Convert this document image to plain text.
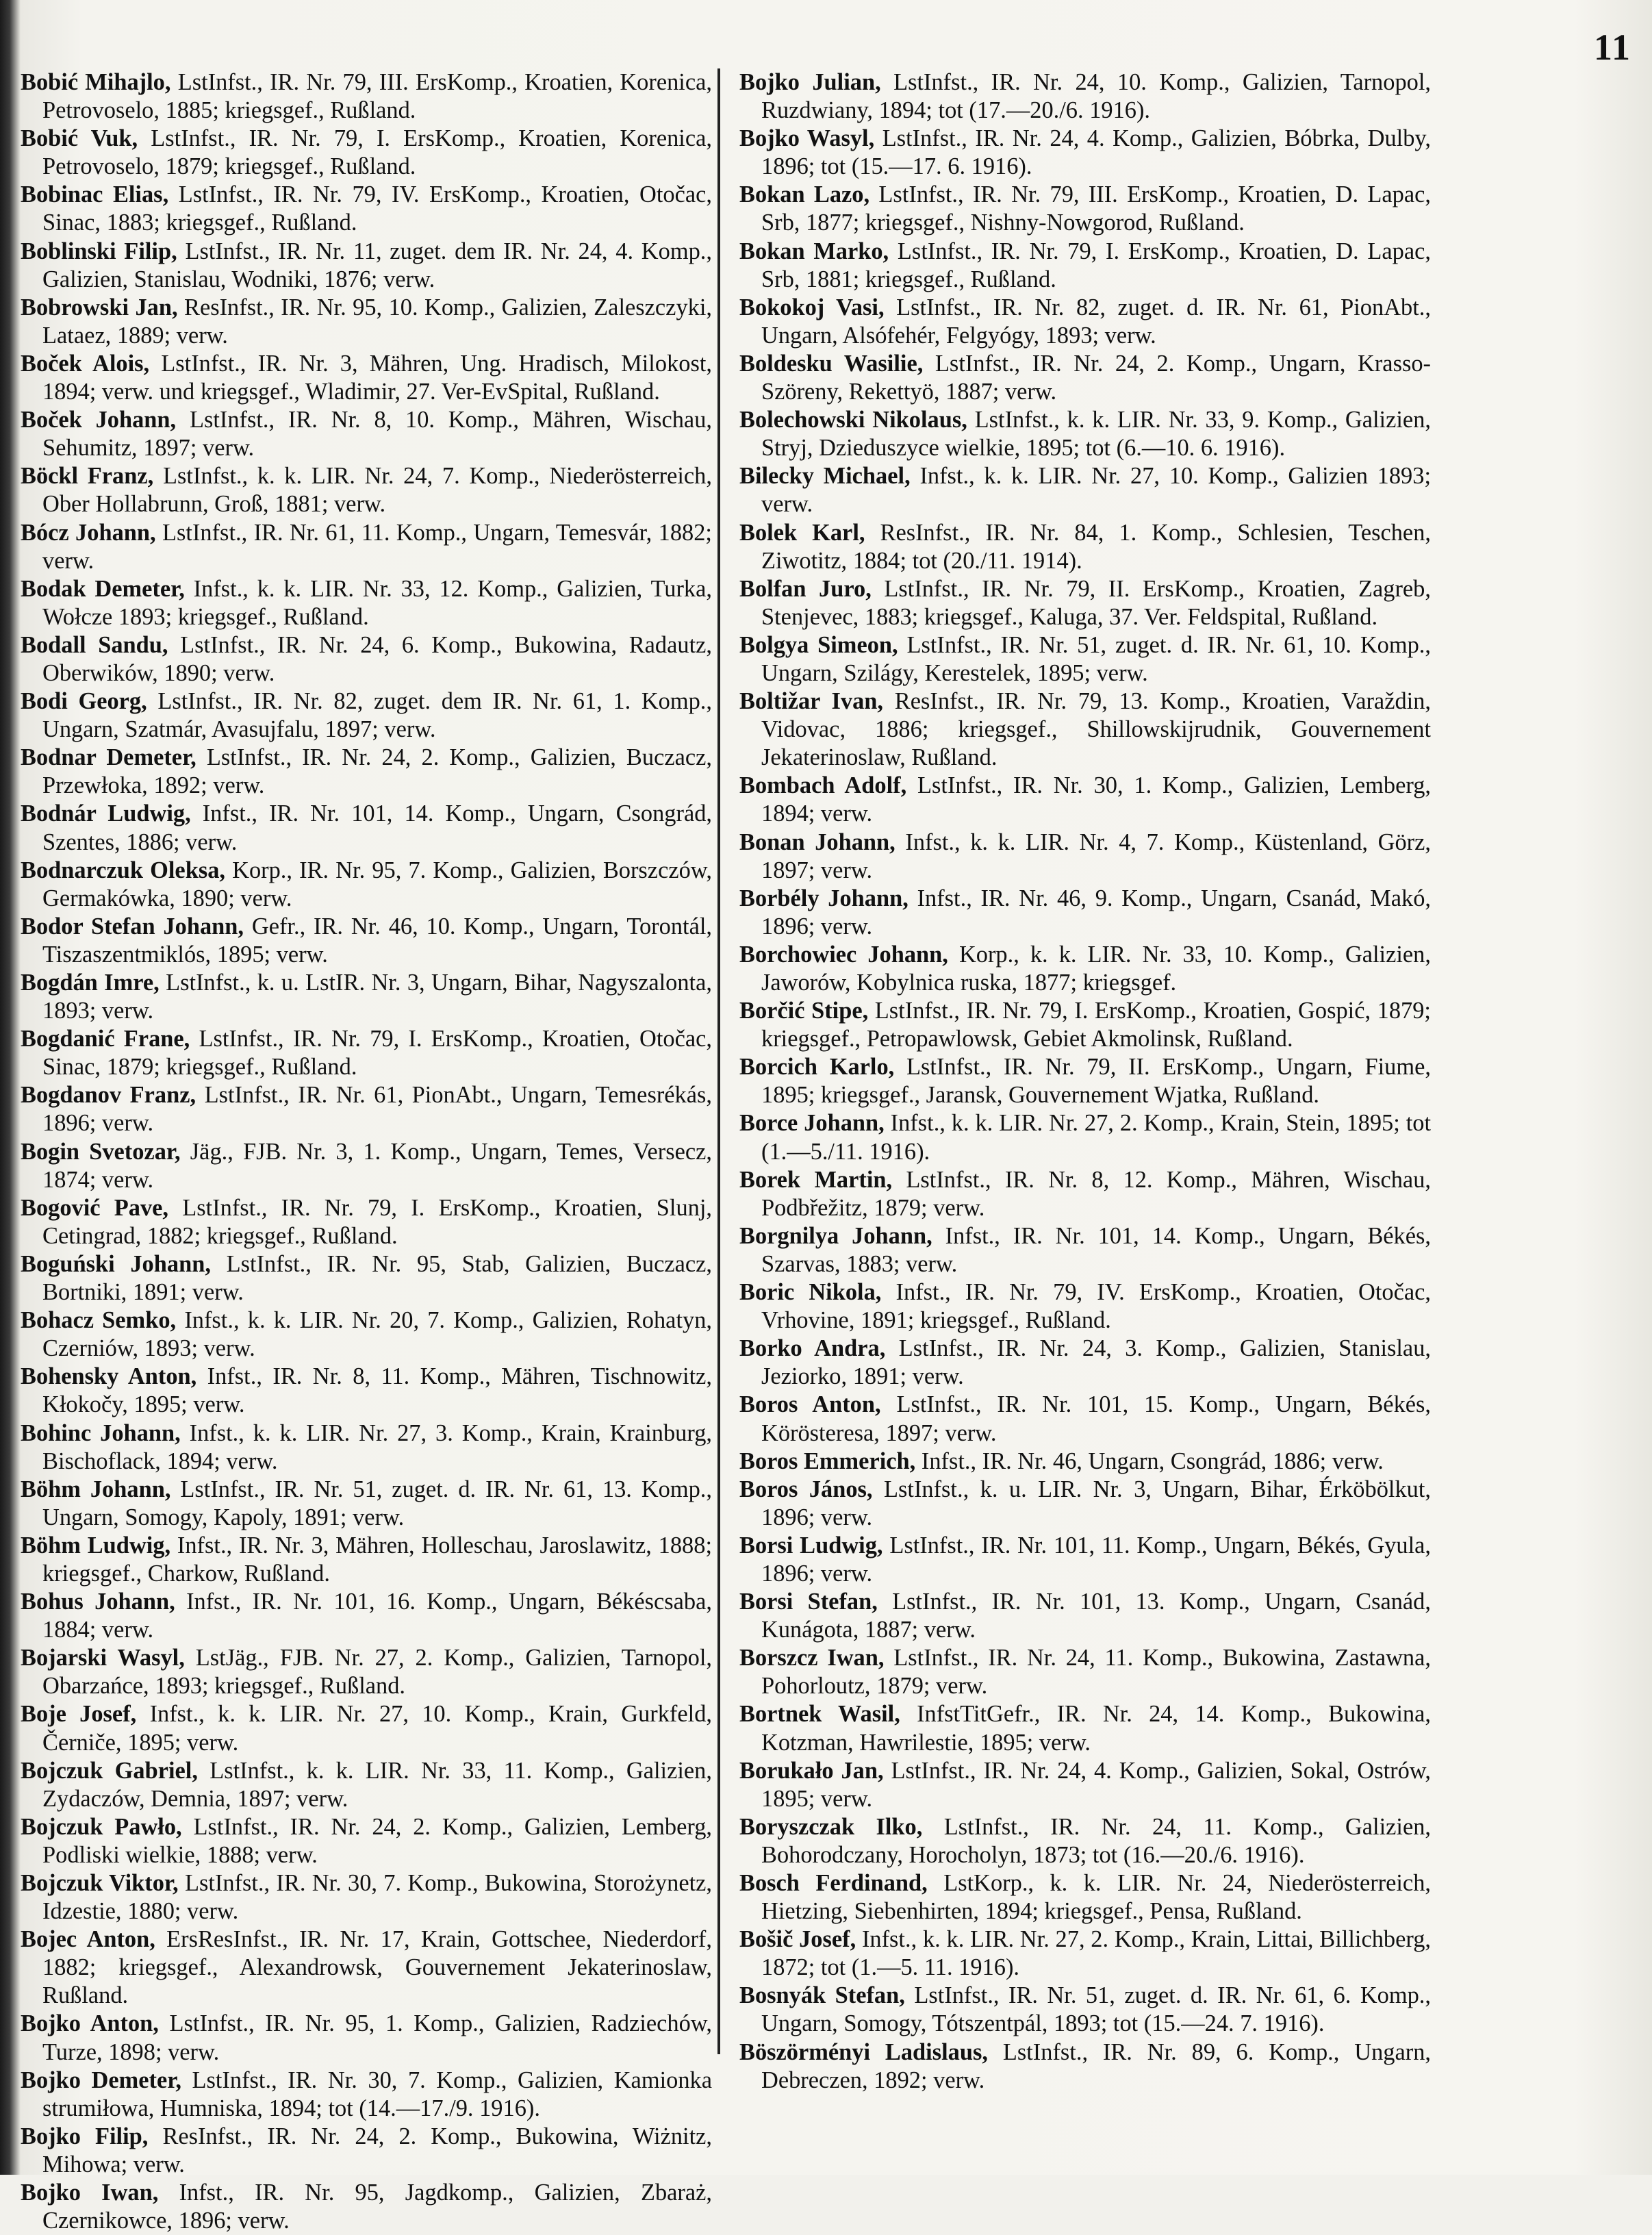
11

Bobić Mihajlo, LstInfst., IR. Nr. 79, III. ErsKomp., Kroatien, Korenica, Petrovoselo, 1885; kriegsgef., Rußland.

Bobić Vuk, LstInfst., IR. Nr. 79, I. ErsKomp., Kroatien, Korenica, Petrovoselo, 1879; kriegsgef., Rußland.

Bobinac Elias, LstInfst., IR. Nr. 79, IV. ErsKomp., Kroatien, Otočac, Sinac, 1883; kriegsgef., Rußland.

Boblinski Filip, LstInfst., IR. Nr. 11, zuget. dem IR. Nr. 24, 4. Komp., Galizien, Stanislau, Wodniki, 1876; verw.

Bobrowski Jan, ResInfst., IR. Nr. 95, 10. Komp., Galizien, Zaleszczyki, Lataez, 1889; verw.

Boček Alois, LstInfst., IR. Nr. 3, Mähren, Ung. Hradisch, Milokost, 1894; verw. und kriegsgef., Wladimir, 27. Ver-EvSpital, Rußland.

Boček Johann, LstInfst., IR. Nr. 8, 10. Komp., Mähren, Wischau, Sehumitz, 1897; verw.

Böckl Franz, LstInfst., k. k. LIR. Nr. 24, 7. Komp., Niederösterreich, Ober Hollabrunn, Groß, 1881; verw.

Bócz Johann, LstInfst., IR. Nr. 61, 11. Komp., Ungarn, Temesvár, 1882; verw.

Bodak Demeter, Infst., k. k. LIR. Nr. 33, 12. Komp., Galizien, Turka, Wołcze 1893; kriegsgef., Rußland.

Bodall Sandu, LstInfst., IR. Nr. 24, 6. Komp., Bukowina, Radautz, Oberwików, 1890; verw.

Bodi Georg, LstInfst., IR. Nr. 82, zuget. dem IR. Nr. 61, 1. Komp., Ungarn, Szatmár, Avasujfalu, 1897; verw.

Bodnar Demeter, LstInfst., IR. Nr. 24, 2. Komp., Galizien, Buczacz, Przewłoka, 1892; verw.

Bodnár Ludwig, Infst., IR. Nr. 101, 14. Komp., Ungarn, Csongrád, Szentes, 1886; verw.

Bodnarczuk Oleksa, Korp., IR. Nr. 95, 7. Komp., Galizien, Borszczów, Germakówka, 1890; verw.

Bodor Stefan Johann, Gefr., IR. Nr. 46, 10. Komp., Ungarn, Torontál, Tiszaszentmiklós, 1895; verw.

Bogdán Imre, LstInfst., k. u. LstIR. Nr. 3, Ungarn, Bihar, Nagyszalonta, 1893; verw.

Bogdanić Frane, LstInfst., IR. Nr. 79, I. ErsKomp., Kroatien, Otočac, Sinac, 1879; kriegsgef., Rußland.

Bogdanov Franz, LstInfst., IR. Nr. 61, PionAbt., Ungarn, Temesrékás, 1896; verw.

Bogin Svetozar, Jäg., FJB. Nr. 3, 1. Komp., Ungarn, Temes, Versecz, 1874; verw.

Bogović Pave, LstInfst., IR. Nr. 79, I. ErsKomp., Kroatien, Slunj, Cetingrad, 1882; kriegsgef., Rußland.

Boguński Johann, LstInfst., IR. Nr. 95, Stab, Galizien, Buczacz, Bortniki, 1891; verw.

Bohacz Semko, Infst., k. k. LIR. Nr. 20, 7. Komp., Galizien, Rohatyn, Czerniów, 1893; verw.

Bohensky Anton, Infst., IR. Nr. 8, 11. Komp., Mähren, Tischnowitz, Kłokočy, 1895; verw.

Bohinc Johann, Infst., k. k. LIR. Nr. 27, 3. Komp., Krain, Krainburg, Bischoflack, 1894; verw.

Böhm Johann, LstInfst., IR. Nr. 51, zuget. d. IR. Nr. 61, 13. Komp., Ungarn, Somogy, Kapoly, 1891; verw.

Böhm Ludwig, Infst., IR. Nr. 3, Mähren, Holleschau, Jaroslawitz, 1888; kriegsgef., Charkow, Rußland.

Bohus Johann, Infst., IR. Nr. 101, 16. Komp., Ungarn, Békéscsaba, 1884; verw.

Bojarski Wasyl, LstJäg., FJB. Nr. 27, 2. Komp., Galizien, Tarnopol, Obarzańce, 1893; kriegsgef., Rußland.

Boje Josef, Infst., k. k. LIR. Nr. 27, 10. Komp., Krain, Gurkfeld, Černiče, 1895; verw.

Bojczuk Gabriel, LstInfst., k. k. LIR. Nr. 33, 11. Komp., Galizien, Zydaczów, Demnia, 1897; verw.

Bojczuk Pawło, LstInfst., IR. Nr. 24, 2. Komp., Galizien, Lemberg, Podliski wielkie, 1888; verw.

Bojczuk Viktor, LstInfst., IR. Nr. 30, 7. Komp., Bukowina, Storożynetz, Idzestie, 1880; verw.

Bojec Anton, ErsResInfst., IR. Nr. 17, Krain, Gottschee, Niederdorf, 1882; kriegsgef., Alexandrowsk, Gouvernement Jekaterinoslaw, Rußland.

Bojko Anton, LstInfst., IR. Nr. 95, 1. Komp., Galizien, Radziechów, Turze, 1898; verw.

Bojko Demeter, LstInfst., IR. Nr. 30, 7. Komp., Galizien, Kamionka strumiłowa, Humniska, 1894; tot (14.—17./9. 1916).

Bojko Filip, ResInfst., IR. Nr. 24, 2. Komp., Bukowina, Wiżnitz, Mihowa; verw.

Bojko Iwan, Infst., IR. Nr. 95, Jagdkomp., Galizien, Zbaraż, Czernikowce, 1896; verw.

Bojko Julian, LstInfst., IR. Nr. 24, 10. Komp., Galizien, Tarnopol, Ruzdwiany, 1894; tot (17.—20./6. 1916).

Bojko Wasyl, LstInfst., IR. Nr. 24, 4. Komp., Galizien, Bóbrka, Dulby, 1896; tot (15.—17. 6. 1916).

Bokan Lazo, LstInfst., IR. Nr. 79, III. ErsKomp., Kroatien, D. Lapac, Srb, 1877; kriegsgef., Nishny-Nowgorod, Rußland.

Bokan Marko, LstInfst., IR. Nr. 79, I. ErsKomp., Kroatien, D. Lapac, Srb, 1881; kriegsgef., Rußland.

Bokokoj Vasi, LstInfst., IR. Nr. 82, zuget. d. IR. Nr. 61, PionAbt., Ungarn, Alsófehér, Felgyógy, 1893; verw.

Boldesku Wasilie, LstInfst., IR. Nr. 24, 2. Komp., Ungarn, Krasso-Szöreny, Rekettyö, 1887; verw.

Bolechowski Nikolaus, LstInfst., k. k. LIR. Nr. 33, 9. Komp., Galizien, Stryj, Dzieduszyce wielkie, 1895; tot (6.—10. 6. 1916).

Bilecky Michael, Infst., k. k. LIR. Nr. 27, 10. Komp., Galizien 1893; verw.

Bolek Karl, ResInfst., IR. Nr. 84, 1. Komp., Schlesien, Teschen, Ziwotitz, 1884; tot (20./11. 1914).

Bolfan Juro, LstInfst., IR. Nr. 79, II. ErsKomp., Kroatien, Zagreb, Stenjevec, 1883; kriegsgef., Kaluga, 37. Ver. Feldspital, Rußland.

Bolgya Simeon, LstInfst., IR. Nr. 51, zuget. d. IR. Nr. 61, 10. Komp., Ungarn, Szilágy, Kerestelek, 1895; verw.

Boltižar Ivan, ResInfst., IR. Nr. 79, 13. Komp., Kroatien, Varaždin, Vidovac, 1886; kriegsgef., Shillowskijrudnik, Gouvernement Jekaterinoslaw, Rußland.

Bombach Adolf, LstInfst., IR. Nr. 30, 1. Komp., Galizien, Lemberg, 1894; verw.

Bonan Johann, Infst., k. k. LIR. Nr. 4, 7. Komp., Küstenland, Görz, 1897; verw.

Borbély Johann, Infst., IR. Nr. 46, 9. Komp., Ungarn, Csanád, Makó, 1896; verw.

Borchowiec Johann, Korp., k. k. LIR. Nr. 33, 10. Komp., Galizien, Jaworów, Kobylnica ruska, 1877; kriegsgef.

Borčić Stipe, LstInfst., IR. Nr. 79, I. ErsKomp., Kroatien, Gospić, 1879; kriegsgef., Petropawlowsk, Gebiet Akmolinsk, Rußland.

Borcich Karlo, LstInfst., IR. Nr. 79, II. ErsKomp., Ungarn, Fiume, 1895; kriegsgef., Jaransk, Gouvernement Wjatka, Rußland.

Borce Johann, Infst., k. k. LIR. Nr. 27, 2. Komp., Krain, Stein, 1895; tot (1.—5./11. 1916).

Borek Martin, LstInfst., IR. Nr. 8, 12. Komp., Mähren, Wischau, Podbřežitz, 1879; verw.

Borgnilya Johann, Infst., IR. Nr. 101, 14. Komp., Ungarn, Békés, Szarvas, 1883; verw.

Boric Nikola, Infst., IR. Nr. 79, IV. ErsKomp., Kroatien, Otočac, Vrhovine, 1891; kriegsgef., Rußland.

Borko Andra, LstInfst., IR. Nr. 24, 3. Komp., Galizien, Stanislau, Jeziorko, 1891; verw.

Boros Anton, LstInfst., IR. Nr. 101, 15. Komp., Ungarn, Békés, Körösteresa, 1897; verw.

Boros Emmerich, Infst., IR. Nr. 46, Ungarn, Csongrád, 1886; verw.

Boros János, LstInfst., k. u. LIR. Nr. 3, Ungarn, Bihar, Érköbölkut, 1896; verw.

Borsi Ludwig, LstInfst., IR. Nr. 101, 11. Komp., Ungarn, Békés, Gyula, 1896; verw.

Borsi Stefan, LstInfst., IR. Nr. 101, 13. Komp., Ungarn, Csanád, Kunágota, 1887; verw.

Borszcz Iwan, LstInfst., IR. Nr. 24, 11. Komp., Bukowina, Zastawna, Pohorloutz, 1879; verw.

Bortnek Wasil, InfstTitGefr., IR. Nr. 24, 14. Komp., Bukowina, Kotzman, Hawrilestie, 1895; verw.

Borukało Jan, LstInfst., IR. Nr. 24, 4. Komp., Galizien, Sokal, Ostrów, 1895; verw.

Boryszczak Ilko, LstInfst., IR. Nr. 24, 11. Komp., Galizien, Bohorodczany, Horocholyn, 1873; tot (16.—20./6. 1916).

Bosch Ferdinand, LstKorp., k. k. LIR. Nr. 24, Niederösterreich, Hietzing, Siebenhirten, 1894; kriegsgef., Pensa, Rußland.

Bošič Josef, Infst., k. k. LIR. Nr. 27, 2. Komp., Krain, Littai, Billichberg, 1872; tot (1.—5. 11. 1916).

Bosnyák Stefan, LstInfst., IR. Nr. 51, zuget. d. IR. Nr. 61, 6. Komp., Ungarn, Somogy, Tótszentpál, 1893; tot (15.—24. 7. 1916).

Böszörményi Ladislaus, LstInfst., IR. Nr. 89, 6. Komp., Ungarn, Debreczen, 1892; verw.
